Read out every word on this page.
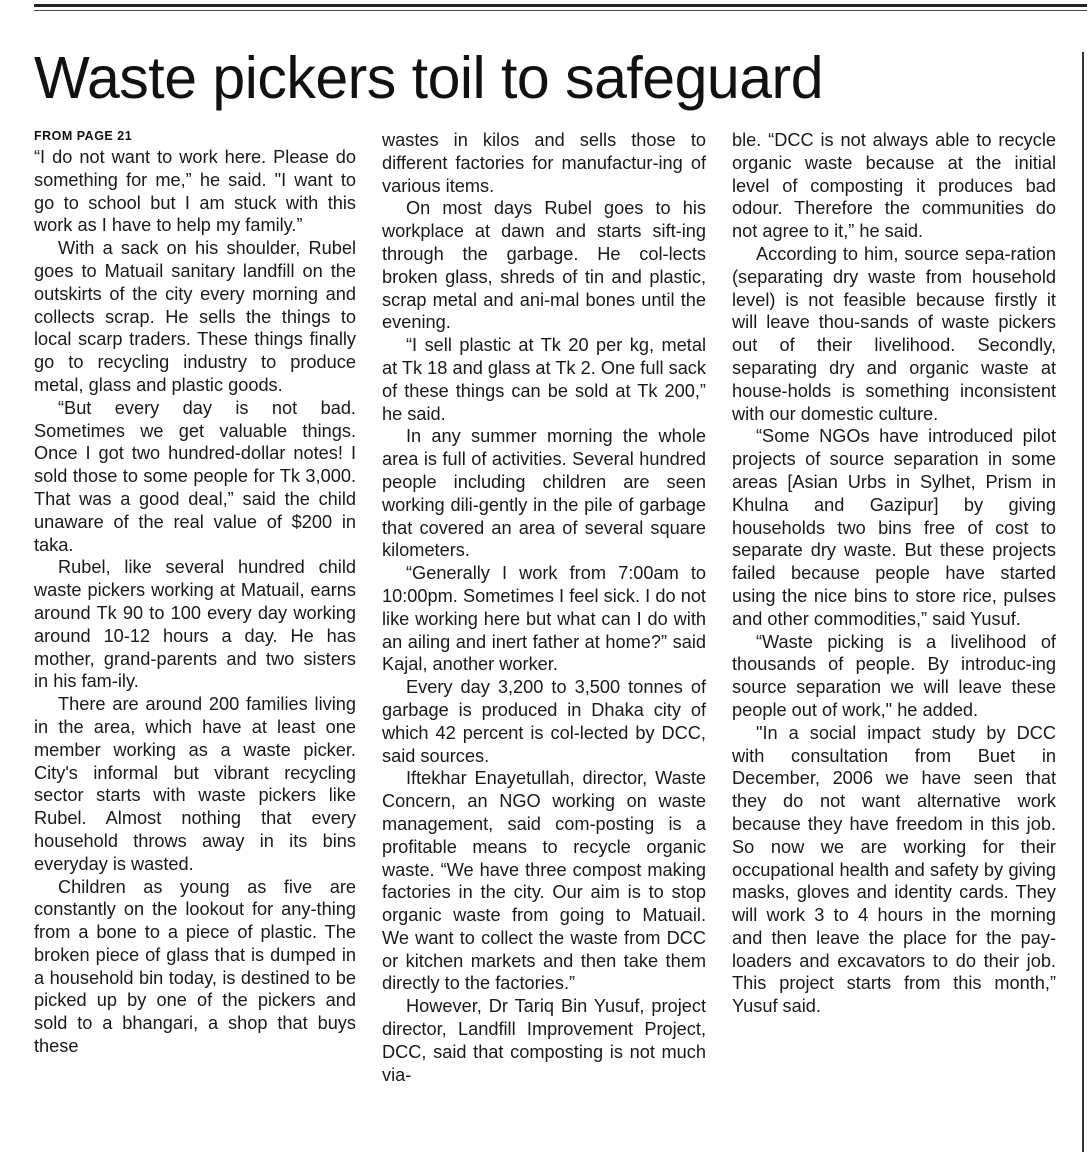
Waste pickers toil to safeguard
FROM PAGE 21

“I do not want to work here. Please do something for me,” he said. "I want to go to school but I am stuck with this work as I have to help my family.”

With a sack on his shoulder, Rubel goes to Matuail sanitary landfill on the outskirts of the city every morning and collects scrap. He sells the things to local scarp traders. These things finally go to recycling industry to produce metal, glass and plastic goods.

“But every day is not bad. Sometimes we get valuable things. Once I got two hundred-dollar notes! I sold those to some people for Tk 3,000. That was a good deal,” said the child unaware of the real value of $200 in taka.

Rubel, like several hundred child waste pickers working at Matuail, earns around Tk 90 to 100 every day working around 10-12 hours a day. He has mother, grand-parents and two sisters in his fam-ily.

There are around 200 families living in the area, which have at least one member working as a waste picker. City's informal but vibrant recycling sector starts with waste pickers like Rubel. Almost nothing that every household throws away in its bins everyday is wasted.

Children as young as five are constantly on the lookout for any-thing from a bone to a piece of plastic. The broken piece of glass that is dumped in a household bin today, is destined to be picked up by one of the pickers and sold to a bhangari, a shop that buys these

wastes in kilos and sells those to different factories for manufactur-ing of various items.

On most days Rubel goes to his workplace at dawn and starts sift-ing through the garbage. He col-lects broken glass, shreds of tin and plastic, scrap metal and ani-mal bones until the evening.

“I sell plastic at Tk 20 per kg, metal at Tk 18 and glass at Tk 2. One full sack of these things can be sold at Tk 200,” he said.

In any summer morning the whole area is full of activities. Several hundred people including children are seen working dili-gently in the pile of garbage that covered an area of several square kilometers.

“Generally I work from 7:00am to 10:00pm. Sometimes I feel sick. I do not like working here but what can I do with an ailing and inert father at home?” said Kajal, another worker.

Every day 3,200 to 3,500 tonnes of garbage is produced in Dhaka city of which 42 percent is col-lected by DCC, said sources.

Iftekhar Enayetullah, director, Waste Concern, an NGO working on waste management, said com-posting is a profitable means to recycle organic waste. “We have three compost making factories in the city. Our aim is to stop organic waste from going to Matuail. We want to collect the waste from DCC or kitchen markets and then take them directly to the factories.”

However, Dr Tariq Bin Yusuf, project director, Landfill Improvement Project, DCC, said that composting is not much via-

ble. “DCC is not always able to recycle organic waste because at the initial level of composting it produces bad odour. Therefore the communities do not agree to it,” he said.

According to him, source sepa-ration (separating dry waste from household level) is not feasible because firstly it will leave thou-sands of waste pickers out of their livelihood. Secondly, separating dry and organic waste at house-holds is something inconsistent with our domestic culture.

“Some NGOs have introduced pilot projects of source separation in some areas [Asian Urbs in Sylhet, Prism in Khulna and Gazipur] by giving households two bins free of cost to separate dry waste. But these projects failed because people have started using the nice bins to store rice, pulses and other commodities,” said Yusuf.

“Waste picking is a livelihood of thousands of people. By introduc-ing source separation we will leave these people out of work," he added.

"In a social impact study by DCC with consultation from Buet in December, 2006 we have seen that they do not want alternative work because they have freedom in this job. So now we are working for their occupational health and safety by giving masks, gloves and identity cards. They will work 3 to 4 hours in the morning and then leave the place for the pay-loaders and excavators to do their job. This project starts from this month,” Yusuf said.
